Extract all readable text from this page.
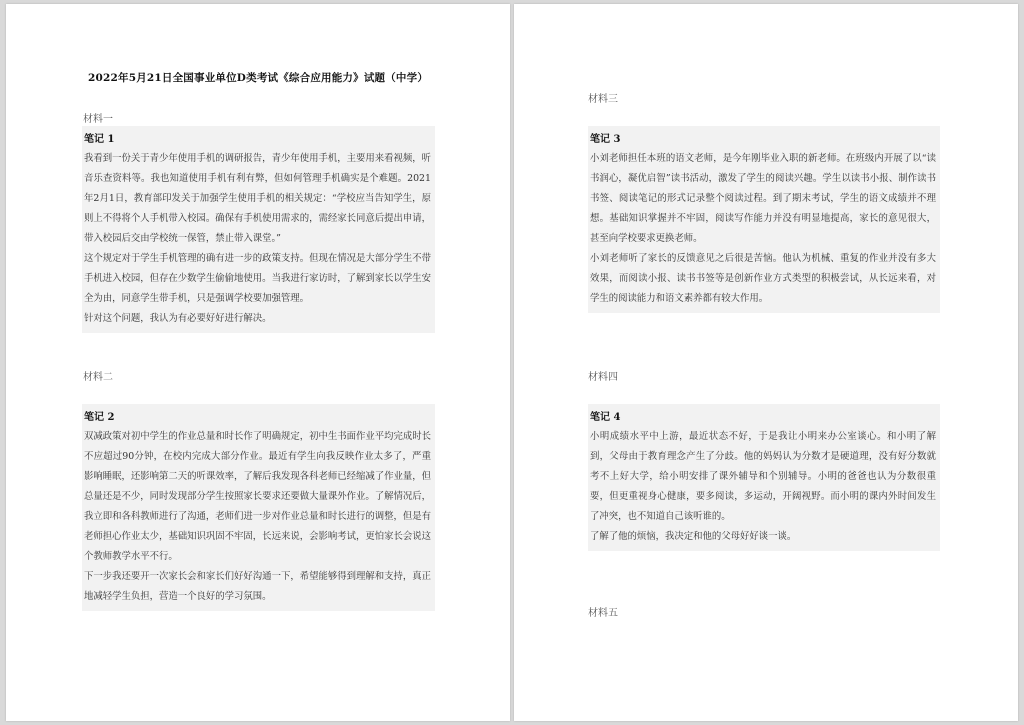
2022年5月21日全国事业单位D类考试《综合应用能力》试题（中学）
材料一
笔记 1
我看到一份关于青少年使用手机的调研报告，青少年使用手机，主要用来看视频，听音乐查资料等。我也知道使用手机有利有弊，但如何管理手机确实是个难题。2021年2月1日，教育部印发关于加强学生使用手机的相关规定：“学校应当告知学生，原则上不得将个人手机带入校园。确保有手机使用需求的，需经家长同意后提出申请，带入校园后交由学校统一保管，禁止带入课堂。”
这个规定对于学生手机管理的确有进一步的政策支持。但现在情况是大部分学生不带手机进入校园，但存在少数学生偷偷地使用。当我进行家访时，了解到家长以学生安全为由，同意学生带手机，只是强调学校要加强管理。
针对这个问题，我认为有必要好好进行解决。
材料二
笔记 2
双减政策对初中学生的作业总量和时长作了明确规定，初中生书面作业平均完成时长不应超过90分钟，在校内完成大部分作业。最近有学生向我反映作业太多了，严重影响睡眠，还影响第二天的听课效率，了解后我发现各科老师已经缩减了作业量，但总量还是不少，同时发现部分学生按照家长要求还要做大量课外作业。了解情况后，我立即和各科教师进行了沟通，老师们进一步对作业总量和时长进行的调整，但是有老师担心作业太少，基础知识巩固不牢固，长远来说，会影响考试，更怕家长会说这个教师教学水平不行。
下一步我还要开一次家长会和家长们好好沟通一下，希望能够得到理解和支持，真正地减轻学生负担，营造一个良好的学习氛围。
材料三
笔记 3
小刘老师担任本班的语文老师，是今年刚毕业入职的新老师。在班级内开展了以“读书润心，凝优启智”读书活动，激发了学生的阅读兴趣。学生以读书小报、制作读书书签、阅读笔记的形式记录整个阅读过程。到了期末考试，学生的语文成绩并不理想。基础知识掌握并不牢固，阅读写作能力并没有明显地提高，家长的意见很大，甚至向学校要求更换老师。
小刘老师听了家长的反馈意见之后很是苦恼。他认为机械、重复的作业并没有多大效果，而阅读小报、读书书签等是创新作业方式类型的积极尝试，从长远来看，对学生的阅读能力和语文素养都有较大作用。
材料四
笔记 4
小明成绩水平中上游，最近状态不好，于是我让小明来办公室谈心。和小明了解到，父母由于教育理念产生了分歧。他的妈妈认为分数才是硬道理，没有好分数就考不上好大学，给小明安排了课外辅导和个别辅导。小明的爸爸也认为分数很重要，但更重视身心健康，要多阅读，多运动，开阔视野。而小明的课内外时间发生了冲突，也不知道自己该听谁的。
了解了他的烦恼，我决定和他的父母好好谈一谈。
材料五
